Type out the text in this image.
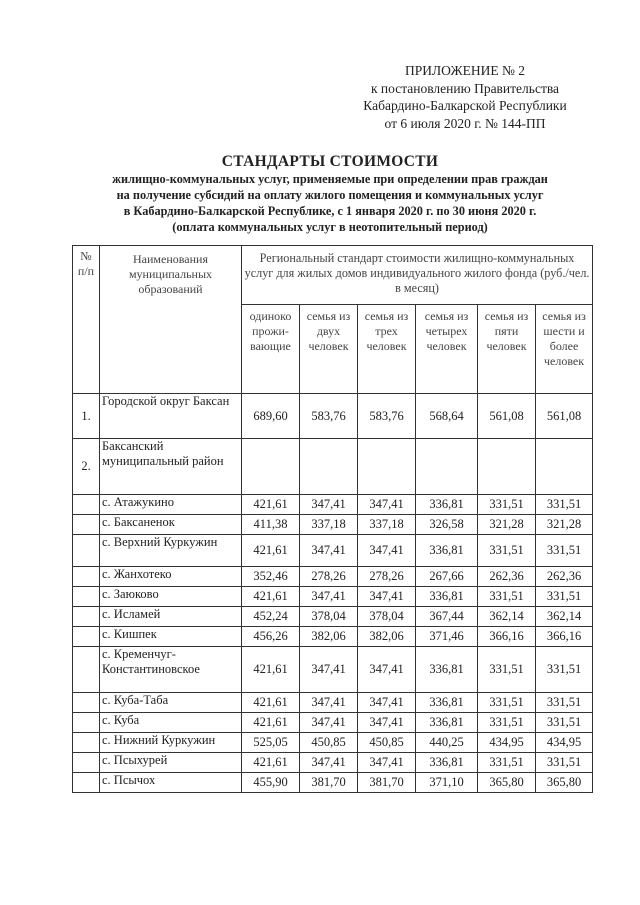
ПРИЛОЖЕНИЕ № 2
к постановлению Правительства
Кабардино-Балкарской Республики
от 6 июля 2020 г. № 144-ПП
СТАНДАРТЫ СТОИМОСТИ
жилищно-коммунальных услуг, применяемые при определении прав граждан
на получение субсидий на оплату жилого помещения и коммунальных услуг
в Кабардино-Балкарской Республике, с 1 января 2020 г. по 30 июня 2020 г.
(оплата коммунальных услуг в неотопительный период)
№ п/п	Наименования муниципальных образований	Региональный стандарт стоимости жилищно-коммунальных услуг для жилых домов индивидуального жилого фонда (руб./чел. в месяц)					
		одиноко прожи-вающие	семья из двух человек	семья из трех человек	семья из четырех человек	семья из пяти человек	семья из шести и более человек
1.	Городской округ Баксан	689,60	583,76	583,76	568,64	561,08	561,08
2.	Баксанский муниципальный район						
	с. Атажукино	421,61	347,41	347,41	336,81	331,51	331,51
	с. Баксаненок	411,38	337,18	337,18	326,58	321,28	321,28
	с. Верхний Куркужин	421,61	347,41	347,41	336,81	331,51	331,51
	с. Жанхотеко	352,46	278,26	278,26	267,66	262,36	262,36
	с. Заюково	421,61	347,41	347,41	336,81	331,51	331,51
	с. Исламей	452,24	378,04	378,04	367,44	362,14	362,14
	с. Кишпек	456,26	382,06	382,06	371,46	366,16	366,16
	с. Кременчуг-Константиновское	421,61	347,41	347,41	336,81	331,51	331,51
	с. Куба-Таба	421,61	347,41	347,41	336,81	331,51	331,51
	с. Куба	421,61	347,41	347,41	336,81	331,51	331,51
	с. Нижний Куркужин	525,05	450,85	450,85	440,25	434,95	434,95
	с. Псыхурей	421,61	347,41	347,41	336,81	331,51	331,51
	с. Псычох	455,90	381,70	381,70	371,10	365,80	365,80
